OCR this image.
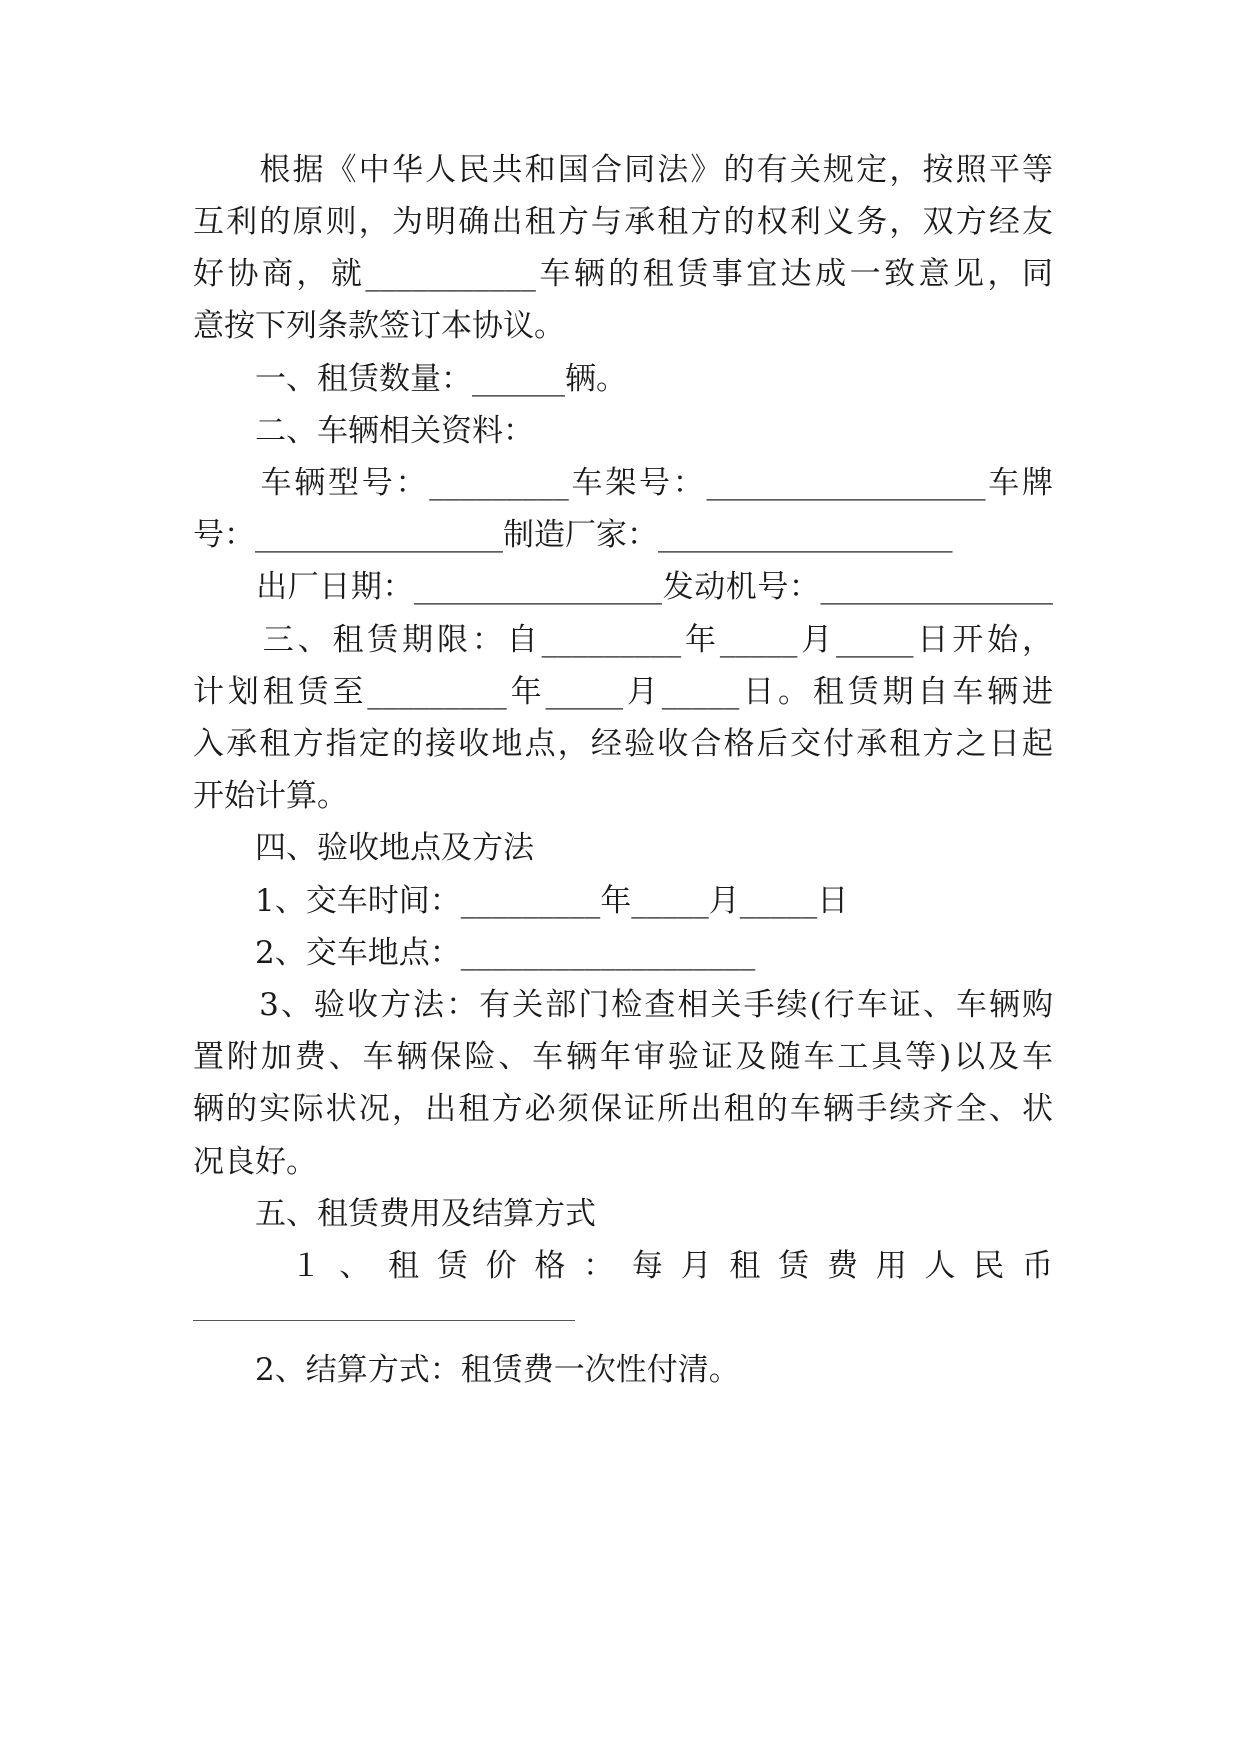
　　根据《中华人民共和国合同法》的有关规定，按照平等
互利的原则，为明确出租方与承租方的权利义务，双方经友
好协商，就___________车辆的租赁事宜达成一致意见，同
意按下列条款签订本协议。
　　一、租赁数量：______辆。
　　二、车辆相关资料：
　　车辆型号：_________车架号：__________________车牌
号：________________制造厂家：___________________
　　出厂日期：________________发动机号：_______________
　　三、租赁期限：自_________年_____月_____日开始，
计划租赁至_________年_____月_____日。租赁期自车辆进
入承租方指定的接收地点，经验收合格后交付承租方之日起
开始计算。
　　四、验收地点及方法
　　1、交车时间：_________年_____月_____日
　　2、交车地点：___________________
　　3、验收方法：有关部门检查相关手续(行车证、车辆购
置附加费、车辆保险、车辆年审验证及随车工具等)以及车
辆的实际状况，出租方必须保证所出租的车辆手续齐全、状
况良好。
　　五、租赁费用及结算方式
　　１、租赁价格：每月租赁费用人民币
　　2、结算方式：租赁费一次性付清。
